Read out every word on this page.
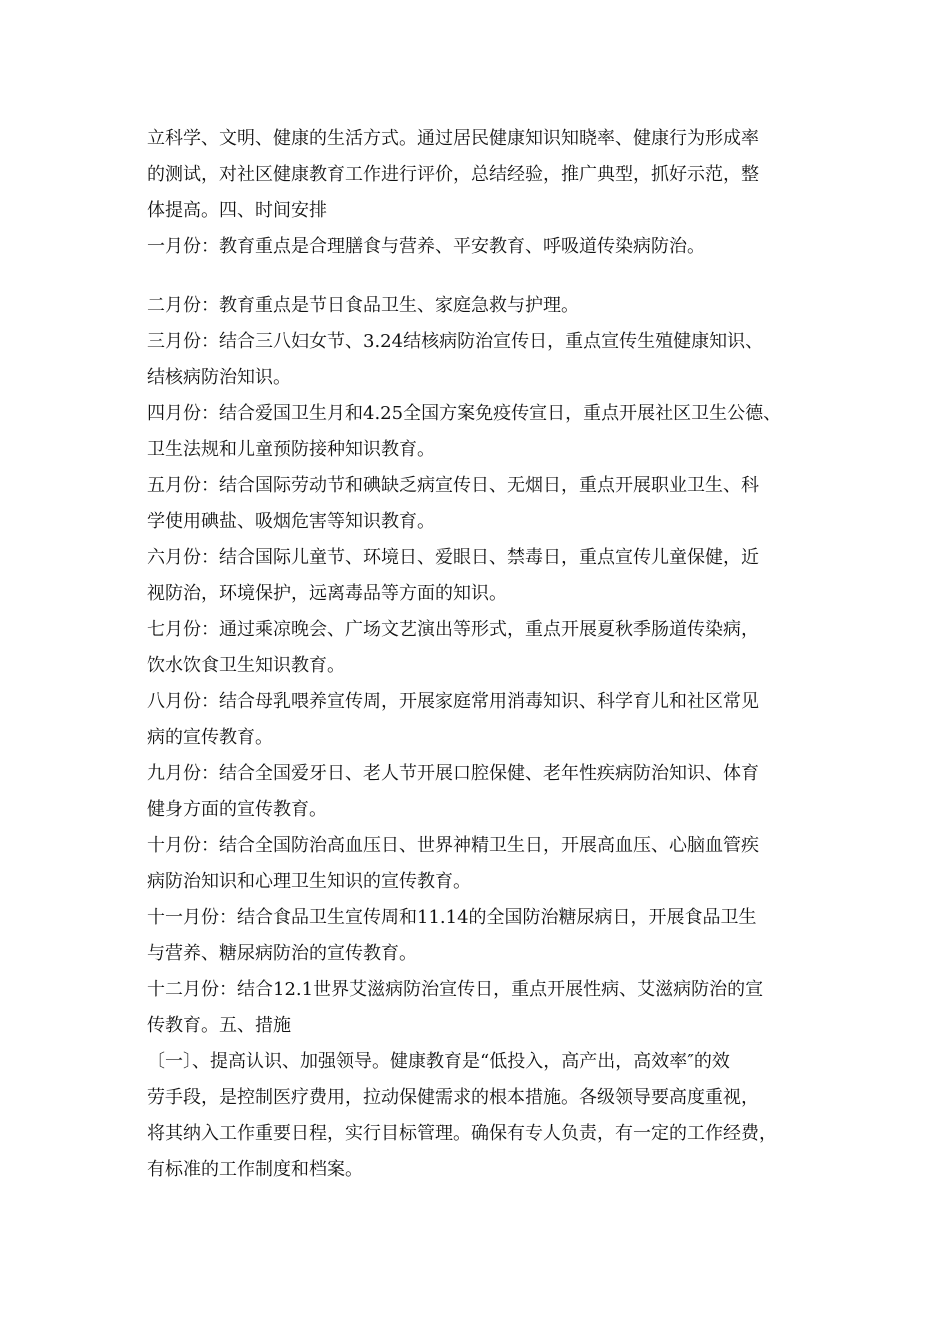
立科学、文明、健康的生活方式。通过居民健康知识知晓率、健康行为形成率
的测试，对社区健康教育工作进行评价，总结经验，推广典型，抓好示范，整
体提高。四、时间安排
一月份：教育重点是合理膳食与营养、平安教育、呼吸道传染病防治。
二月份：教育重点是节日食品卫生、家庭急救与护理。
三月份：结合三八妇女节、3.24结核病防治宣传日，重点宣传生殖健康知识、
结核病防治知识。
四月份：结合爱国卫生月和4.25全国方案免疫传宣日，重点开展社区卫生公德、
卫生法规和儿童预防接种知识教育。
五月份：结合国际劳动节和碘缺乏病宣传日、无烟日，重点开展职业卫生、科
学使用碘盐、吸烟危害等知识教育。
六月份：结合国际儿童节、环境日、爱眼日、禁毒日，重点宣传儿童保健，近
视防治，环境保护，远离毒品等方面的知识。
七月份：通过乘凉晚会、广场文艺演出等形式，重点开展夏秋季肠道传染病，
饮水饮食卫生知识教育。
八月份：结合母乳喂养宣传周，开展家庭常用消毒知识、科学育儿和社区常见
病的宣传教育。
九月份：结合全国爱牙日、老人节开展口腔保健、老年性疾病防治知识、体育
健身方面的宣传教育。
十月份：结合全国防治高血压日、世界神精卫生日，开展高血压、心脑血管疾
病防治知识和心理卫生知识的宣传教育。
十一月份：结合食品卫生宣传周和11.14的全国防治糖尿病日，开展食品卫生
与营养、糖尿病防治的宣传教育。
十二月份：结合12.1世界艾滋病防治宣传日，重点开展性病、艾滋病防治的宣
传教育。五、措施
〔一〕、提高认识、加强领导。健康教育是“低投入，高产出，高效率″的效
劳手段，是控制医疗费用，拉动保健需求的根本措施。各级领导要高度重视，
将其纳入工作重要日程，实行目标管理。确保有专人负责，有一定的工作经费，
有标准的工作制度和档案。
